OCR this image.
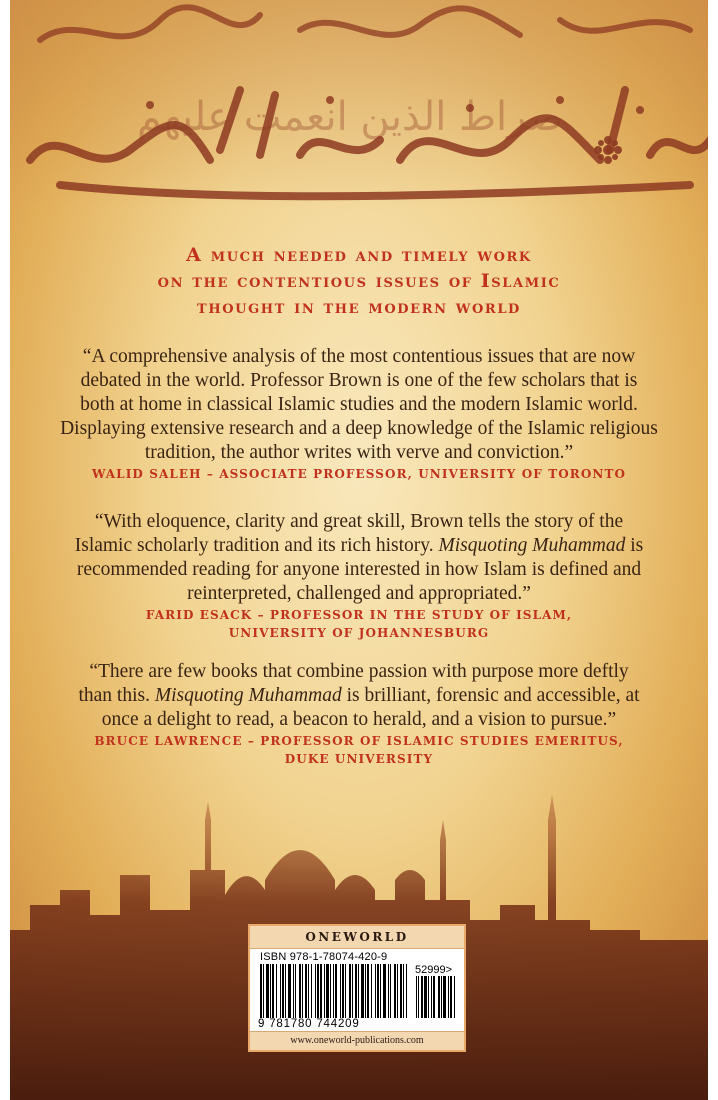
صراط الذين انعمت عليهم
A much needed and timely work
on the contentious issues of Islamic
thought in the modern world
“A comprehensive analysis of the most contentious issues that are now
debated in the world. Professor Brown is one of the few scholars that is
both at home in classical Islamic studies and the modern Islamic world.
Displaying extensive research and a deep knowledge of the Islamic religious
tradition, the author writes with verve and conviction.”
WALID SALEH – ASSOCIATE PROFESSOR, UNIVERSITY OF TORONTO
“With eloquence, clarity and great skill, Brown tells the story of the
Islamic scholarly tradition and its rich history. Misquoting Muhammad is
recommended reading for anyone interested in how Islam is defined and
reinterpreted, challenged and appropriated.”
FARID ESACK – PROFESSOR IN THE STUDY OF ISLAM,
UNIVERSITY OF JOHANNESBURG
“There are few books that combine passion with purpose more deftly
than this. Misquoting Muhammad is brilliant, forensic and accessible, at
once a delight to read, a beacon to herald, and a vision to pursue.”
BRUCE LAWRENCE – PROFESSOR OF ISLAMIC STUDIES EMERITUS,
DUKE UNIVERSITY
ONEWORLD
ISBN 978-1-78074-420-9
52999>
9 781780 744209
www.oneworld-publications.com
